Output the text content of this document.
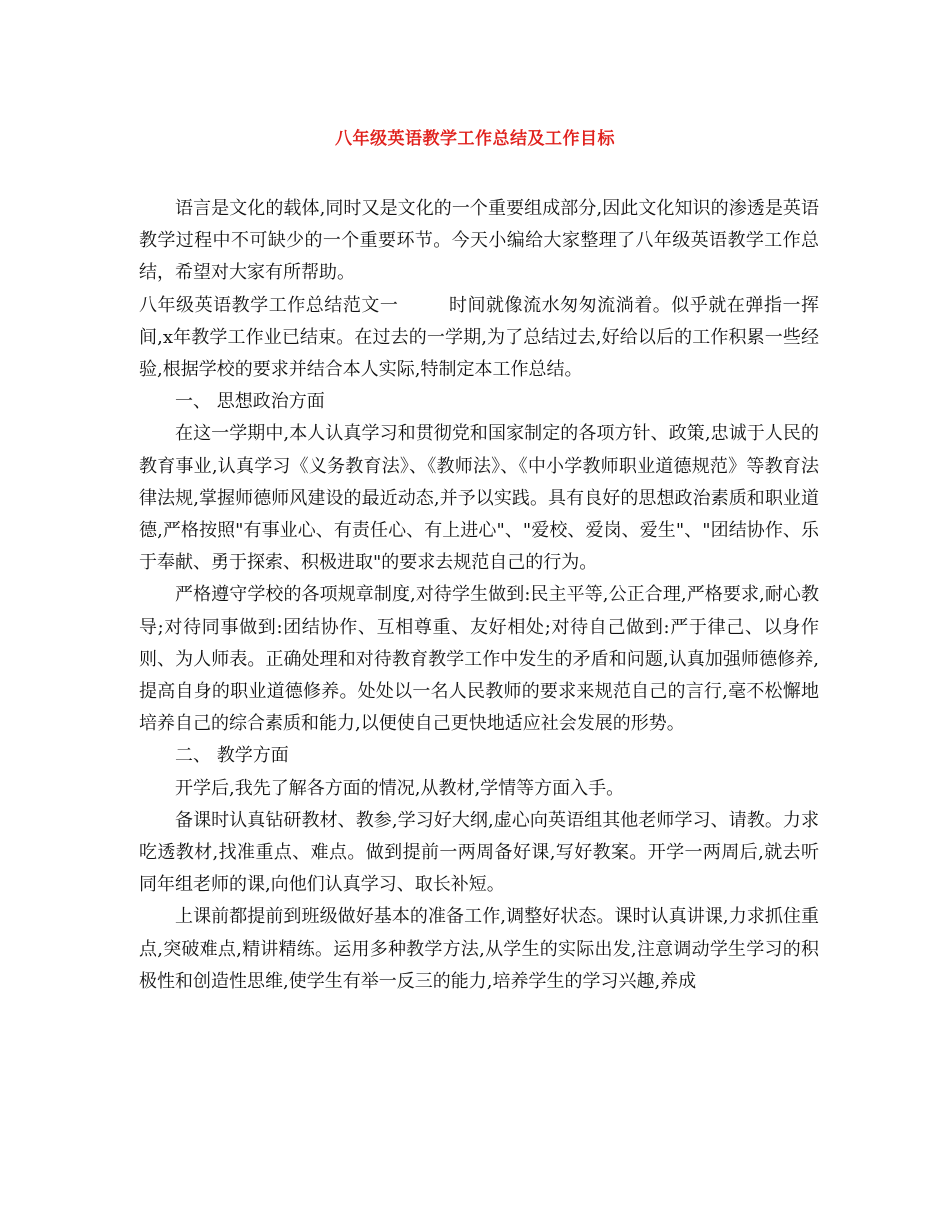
八年级英语教学工作总结及工作目标

语言是文化的载体,同时又是文化的一个重要组成部分,因此文化知识的渗透是英语教学过程中不可缺少的一个重要环节。今天小编给大家整理了八年级英语教学工作总结，希望对大家有所帮助。

八年级英语教学工作总结范文一	时间就像流水匆匆流淌着。似乎就在弹指一挥间,x年教学工作业已结束。在过去的一学期,为了总结过去,好给以后的工作积累一些经验,根据学校的要求并结合本人实际,特制定本工作总结。

一、 思想政治方面

在这一学期中,本人认真学习和贯彻党和国家制定的各项方针、政策,忠诚于人民的教育事业,认真学习《义务教育法》、《教师法》、《中小学教师职业道德规范》等教育法律法规,掌握师德师风建设的最近动态,并予以实践。具有良好的思想政治素质和职业道德,严格按照"有事业心、有责任心、有上进心"、"爱校、爱岗、爱生"、"团结协作、乐于奉献、勇于探索、积极进取"的要求去规范自己的行为。

严格遵守学校的各项规章制度,对待学生做到:民主平等,公正合理,严格要求,耐心教导;对待同事做到:团结协作、互相尊重、友好相处;对待自己做到:严于律己、以身作则、为人师表。正确处理和对待教育教学工作中发生的矛盾和问题,认真加强师德修养,提高自身的职业道德修养。处处以一名人民教师的要求来规范自己的言行,毫不松懈地培养自己的综合素质和能力,以便使自己更快地适应社会发展的形势。

二、 教学方面

开学后,我先了解各方面的情况,从教材,学情等方面入手。

备课时认真钻研教材、教参,学习好大纲,虚心向英语组其他老师学习、请教。力求吃透教材,找准重点、难点。做到提前一两周备好课,写好教案。开学一两周后,就去听同年组老师的课,向他们认真学习、取长补短。

上课前都提前到班级做好基本的准备工作,调整好状态。课时认真讲课,力求抓住重点,突破难点,精讲精练。运用多种教学方法,从学生的实际出发,注意调动学生学习的积极性和创造性思维,使学生有举一反三的能力,培养学生的学习兴趣,养成
